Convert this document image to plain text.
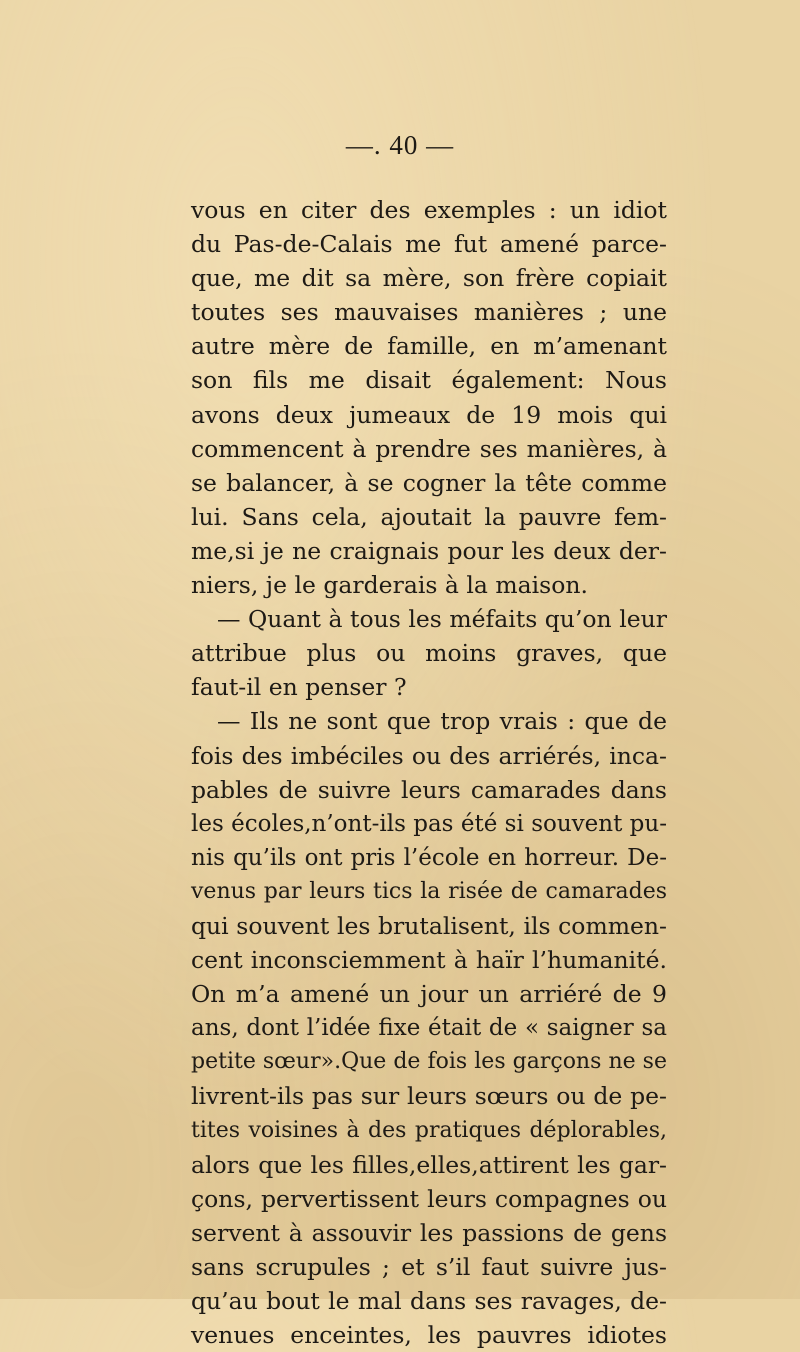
—. 40 —
vous en citer des exemples : un idiot
du Pas-de-Calais me fut amené parce-
que, me dit sa mère, son frère copiait
toutes ses mauvaises manières ; une
autre mère de famille, en m’amenant
son fils me disait également: Nous
avons deux jumeaux de 19 mois qui
commencent à prendre ses manières, à
se balancer, à se cogner la tête comme
lui. Sans cela, ajoutait la pauvre fem-
me,si je ne craignais pour les deux der-
niers, je le garderais à la maison.
— Quant à tous les méfaits qu’on leur
attribue plus ou moins graves, que
faut-il en penser ?
— Ils ne sont que trop vrais : que de
fois des imbéciles ou des arriérés, inca-
pables de suivre leurs camarades dans
les écoles,n’ont-ils pas été si souvent pu-
nis qu’ils ont pris l’école en horreur. De-
venus par leurs tics la risée de camarades
qui souvent les brutalisent, ils commen-
cent inconsciemment à haïr l’humanité.
On m’a amené un jour un arriéré de 9
ans, dont l’idée fixe était de « saigner sa
petite sœur».Que de fois les garçons ne se
livrent-ils pas sur leurs sœurs ou de pe-
tites voisines à des pratiques déplorables,
alors que les filles,elles,attirent les gar-
çons, pervertissent leurs compagnes ou
servent à assouvir les passions de gens
sans scrupules ; et s’il faut suivre jus-
qu’au bout le mal dans ses ravages, de-
venues enceintes, les pauvres idiotes
